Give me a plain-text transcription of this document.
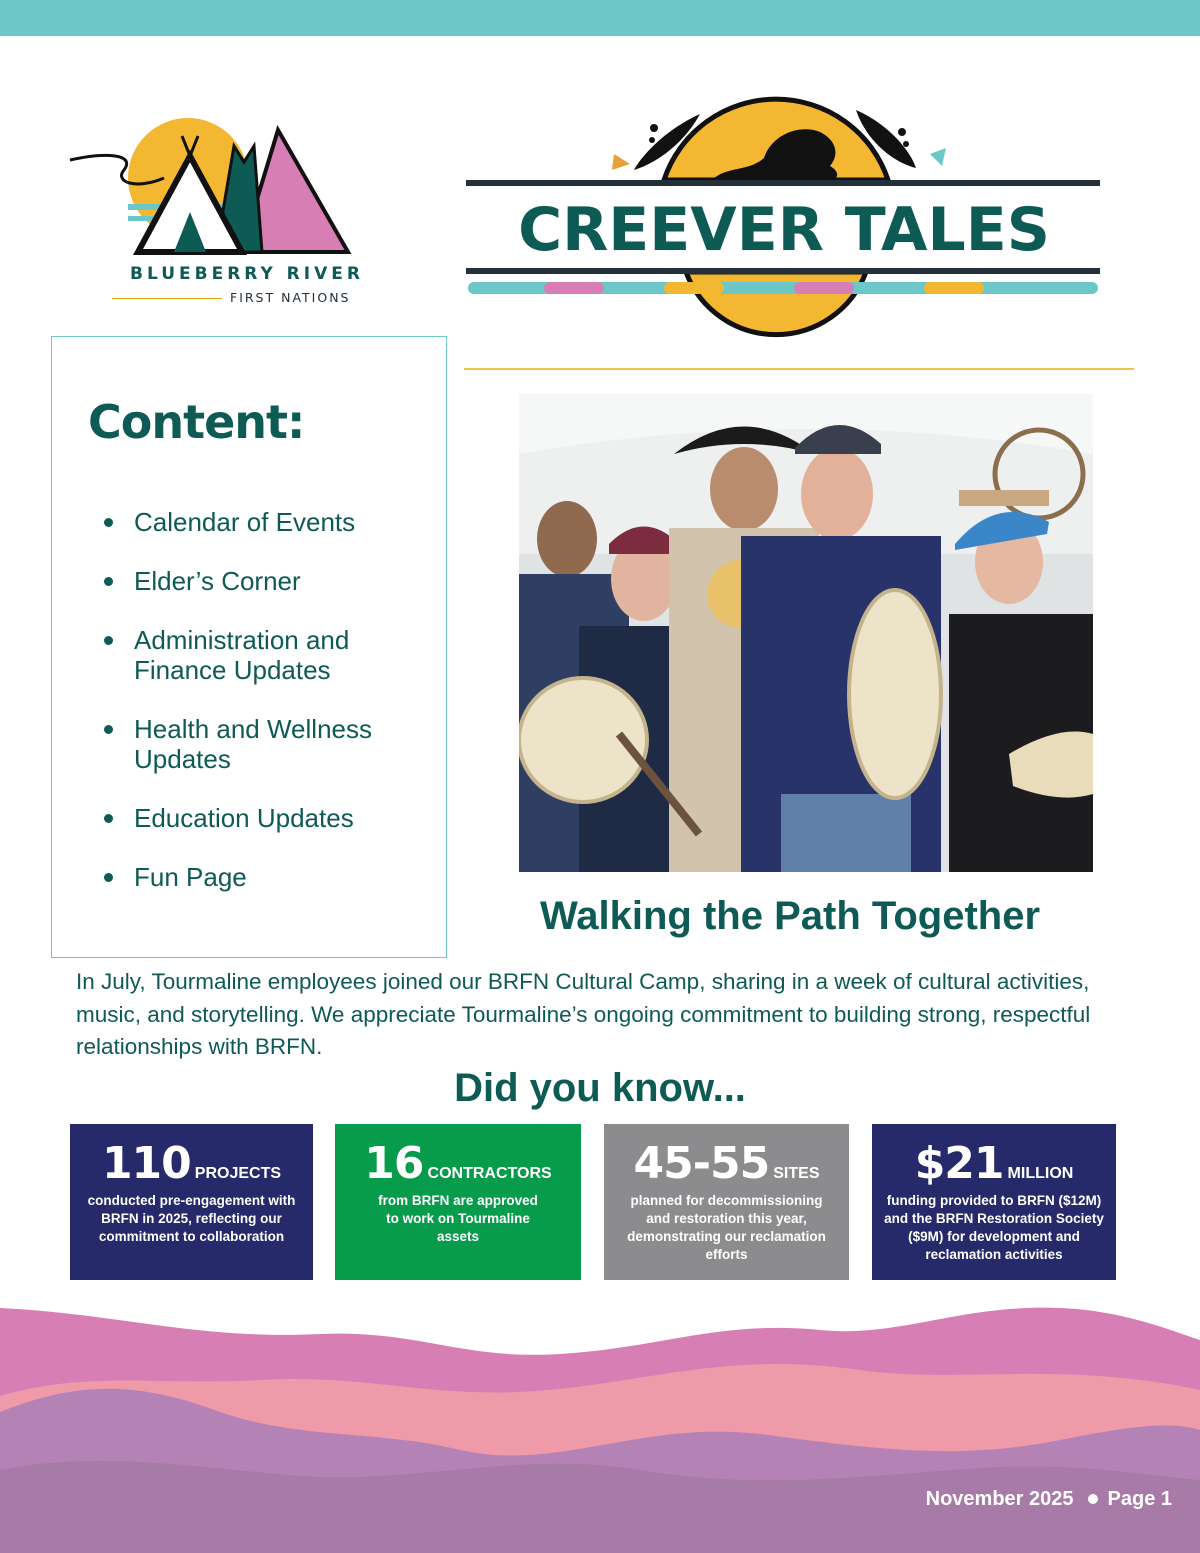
BLUEBERRY RIVER
FIRST NATIONS
CREEVER TALES
Content:
Calendar of Events
Elder’s Corner
Administration and Finance Updates
Health and Wellness Updates
Education Updates
Fun Page
Walking the Path Together

In July, Tourmaline employees joined our BRFN Cultural Camp, sharing in a week of cultural activities, music, and storytelling. We appreciate Tourmaline’s ongoing commitment to building strong, respectful relationships with BRFN.

Did you know...
110 PROJECTS
conducted pre-engagement with BRFN in 2025, reflecting our commitment to collaboration
16 CONTRACTORS
from BRFN are approved to work on Tourmaline assets
45-55 SITES
planned for decommissioning and restoration this year, demonstrating our reclamation efforts
$21 MILLION
funding provided to BRFN ($12M) and the BRFN Restoration Society ($9M) for development and reclamation activities
November 2025 Page 1
